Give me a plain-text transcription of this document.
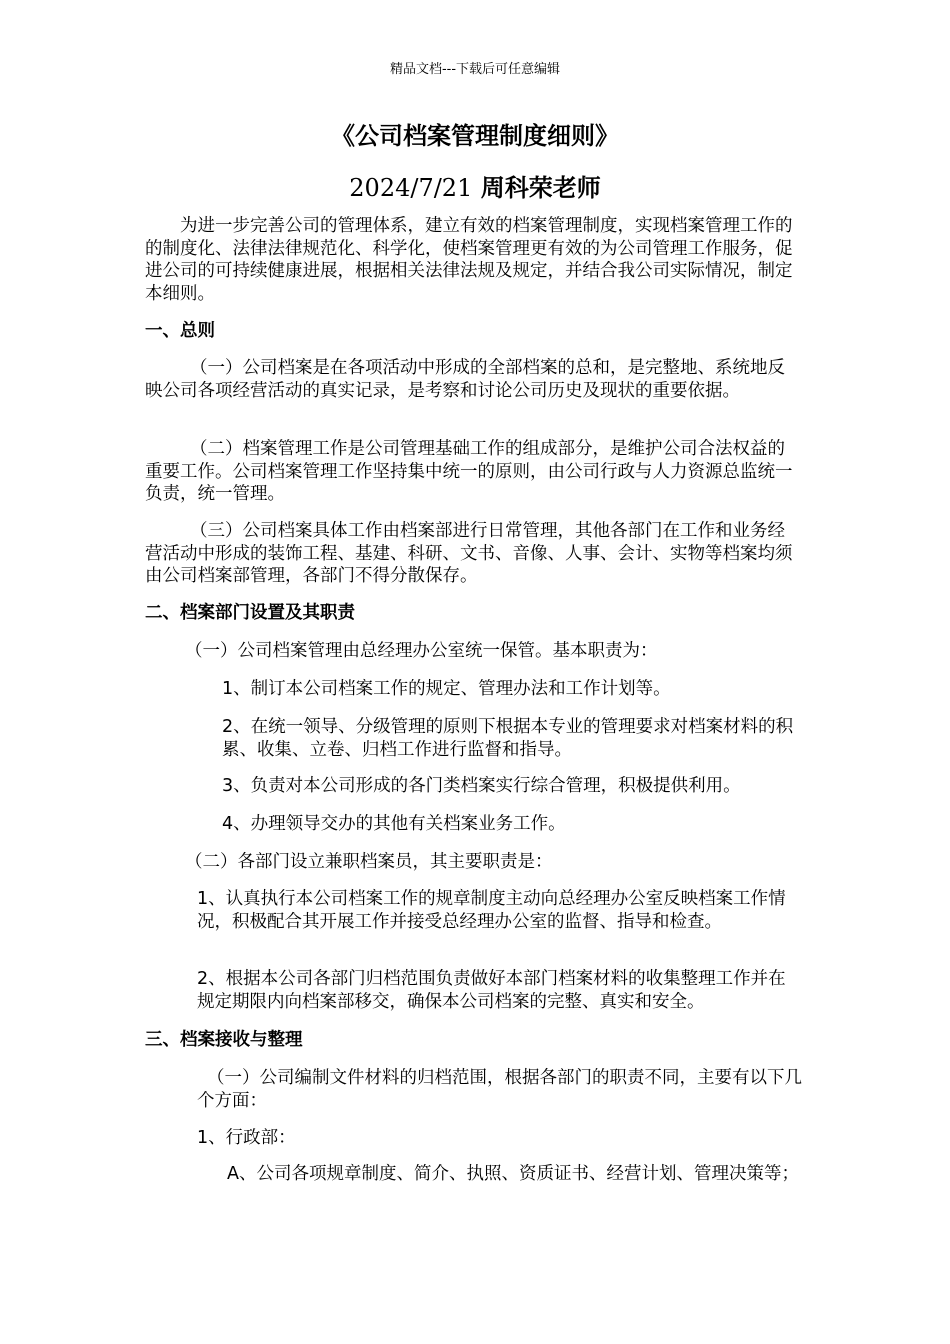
精品文档---下载后可任意编辑
《公司档案管理制度细则》
2024/7/21 周科荣老师

为进一步完善公司的管理体系，建立有效的档案管理制度，实现档案管理工作的的制度化、法律法律规范化、科学化，使档案管理更有效的为公司管理工作服务，促进公司的可持续健康进展，根据相关法律法规及规定，并结合我公司实际情况，制定本细则。

一、总则

（一）公司档案是在各项活动中形成的全部档案的总和，是完整地、系统地反映公司各项经营活动的真实记录，是考察和讨论公司历史及现状的重要依据。

（二）档案管理工作是公司管理基础工作的组成部分，是维护公司合法权益的重要工作。公司档案管理工作坚持集中统一的原则，由公司行政与人力资源总监统一负责，统一管理。

（三）公司档案具体工作由档案部进行日常管理，其他各部门在工作和业务经营活动中形成的装饰工程、基建、科研、文书、音像、人事、会计、实物等档案均须由公司档案部管理，各部门不得分散保存。

二、档案部门设置及其职责

（一）公司档案管理由总经理办公室统一保管。基本职责为：

1、制订本公司档案工作的规定、管理办法和工作计划等。

2、在统一领导、分级管理的原则下根据本专业的管理要求对档案材料的积累、收集、立卷、归档工作进行监督和指导。

3、负责对本公司形成的各门类档案实行综合管理，积极提供利用。

4、办理领导交办的其他有关档案业务工作。

（二）各部门设立兼职档案员，其主要职责是：

1、认真执行本公司档案工作的规章制度主动向总经理办公室反映档案工作情况，积极配合其开展工作并接受总经理办公室的监督、指导和检查。

2、根据本公司各部门归档范围负责做好本部门档案材料的收集整理工作并在规定期限内向档案部移交，确保本公司档案的完整、真实和安全。

三、档案接收与整理

（一）公司编制文件材料的归档范围，根据各部门的职责不同，主要有以下几个方面：

1、行政部：

A、公司各项规章制度、简介、执照、资质证书、经营计划、管理决策等；
